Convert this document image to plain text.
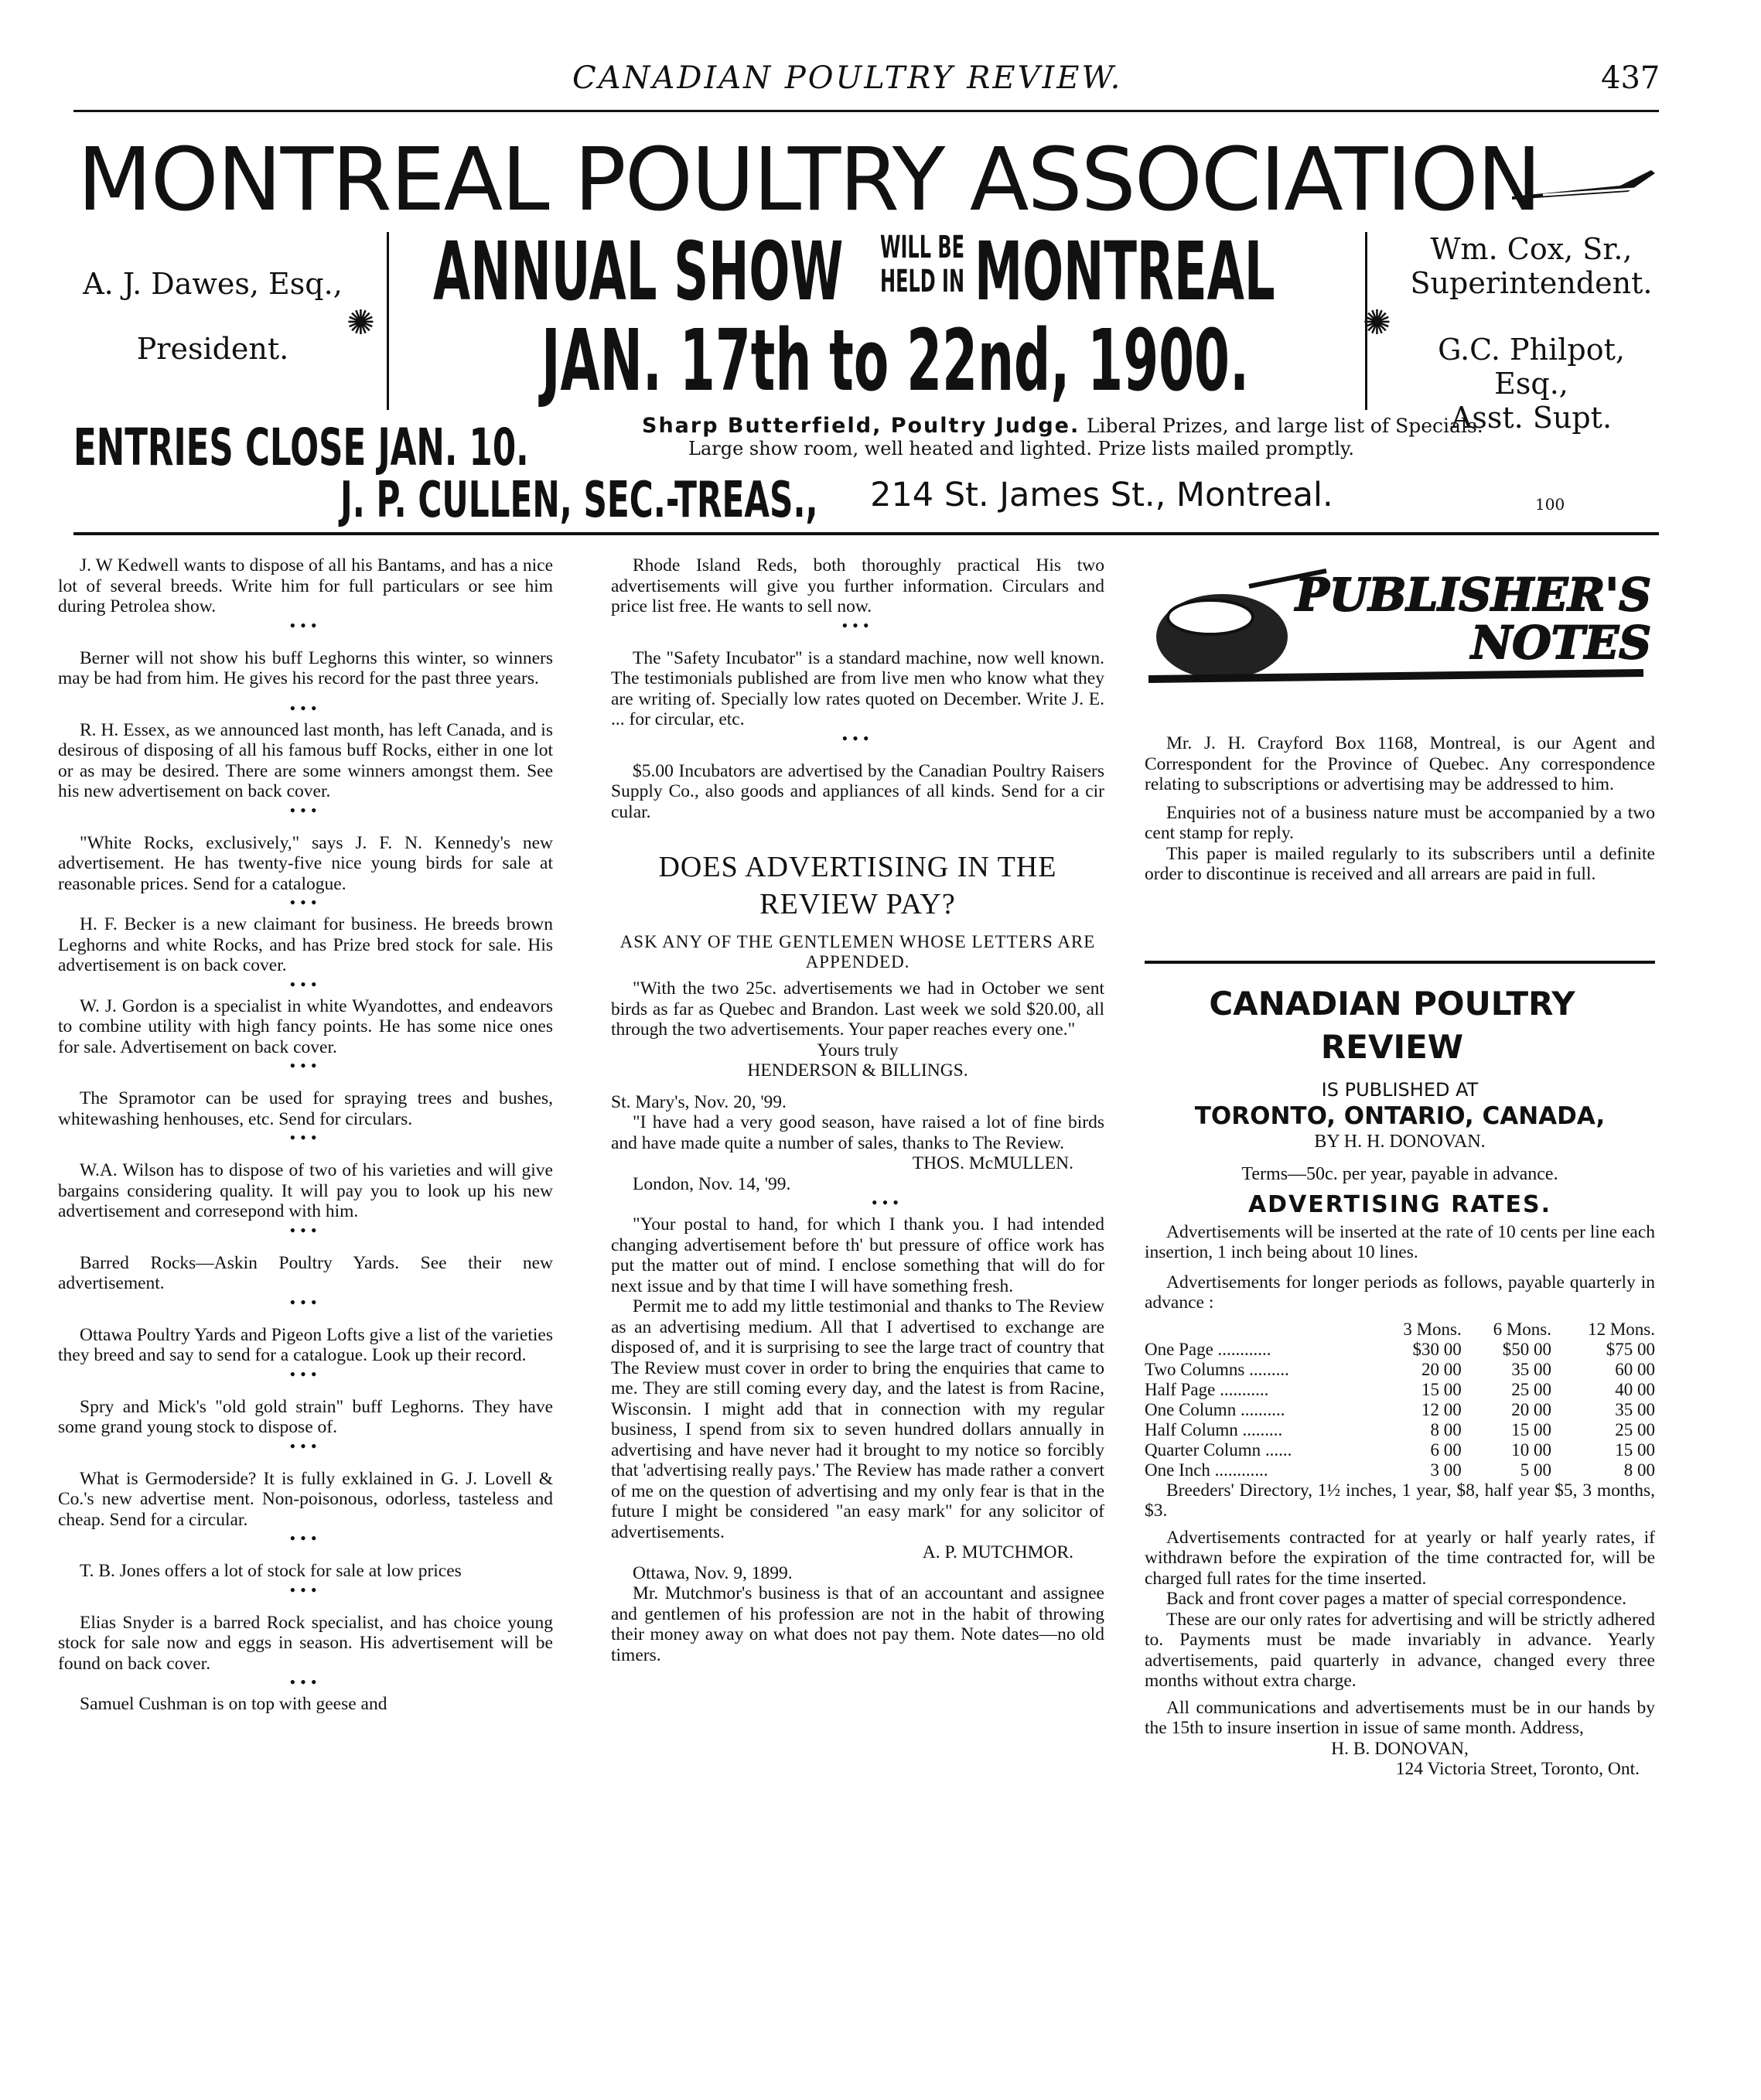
CANADIAN POULTRY REVIEW.	437
MONTREAL POULTRY ASSOCIATION
A. J. Dawes, Esq.,
President.
✺
ANNUAL SHOW	WILL BE
HELD IN MONTREAL
JAN. 17th to 22nd, 1900.	✺
Wm. Cox, Sr.,
Superintendent.
G.C. Philpot, Esq.,
Asst. Supt.
ENTRIES CLOSE JAN. 10.	Sharp Butterfield, Poultry Judge. Liberal Prizes, and large list of Specials.
Large show room, well heated and lighted. Prize lists mailed promptly.
J. P. CULLEN, SEC.-TREAS., 214 St. James St., Montreal.	100

J. W Kedwell wants to dispose of all his Bantams, and has a nice lot of several breeds. Write him for full particulars or see him during Petrolea show.

•••

Berner will not show his buff Leghorns this winter, so winners may be had from him. He gives his record for the past three years.

•••

R. H. Essex, as we announced last month, has left Canada, and is desirous of disposing of all his famous buff Rocks, either in one lot or as may be desired. There are some winners amongst them. See his new advertisement on back cover.

•••

"White Rocks, exclusively," says J. F. N. Kennedy's new advertisement. He has twenty-five nice young birds for sale at reasonable prices. Send for a catalogue.

•••

H. F. Becker is a new claimant for business. He breeds brown Leghorns and white Rocks, and has Prize bred stock for sale. His advertisement is on back cover.

•••

W. J. Gordon is a specialist in white Wyandottes, and endeavors to combine utility with high fancy points. He has some nice ones for sale. Advertisement on back cover.

•••

The Spramotor can be used for spraying trees and bushes, whitewashing henhouses, etc. Send for circulars.

•••

W.A. Wilson has to dispose of two of his varieties and will give bargains considering quality. It will pay you to look up his new advertisement and corresepond with him.

•••

Barred Rocks—Askin Poultry Yards. See their new advertisement.

•••

Ottawa Poultry Yards and Pigeon Lofts give a list of the varieties they breed and say to send for a catalogue. Look up their record.

•••

Spry and Mick's "old gold strain" buff Leghorns. They have some grand young stock to dispose of.

•••

What is Germoderside? It is fully exklained in G. J. Lovell & Co.'s new advertise ment. Non-poisonous, odorless, tasteless and cheap. Send for a circular.

•••

T. B. Jones offers a lot of stock for sale at low prices

•••

Elias Snyder is a barred Rock specialist, and has choice young stock for sale now and eggs in season. His advertisement will be found on back cover.

•••

Samuel Cushman is on top with geese and

Rhode Island Reds, both thoroughly practical His two advertisements will give you further information. Circulars and price list free. He wants to sell now.

•••

The "Safety Incubator" is a standard machine, now well known. The testimonials published are from live men who know what they are writing of. Specially low rates quoted on December. Write J. E. ... for circular, etc.

•••

$5.00 Incubators are advertised by the Canadian Poultry Raisers Supply Co., also goods and appliances of all kinds. Send for a cir cular.

DOES ADVERTISING IN THE REVIEW PAY?
ASK ANY OF THE GENTLEMEN WHOSE LETTERS ARE APPENDED.

"With the two 25c. advertisements we had in October we sent birds as far as Quebec and Brandon. Last week we sold $20.00, all through the two advertisements. Your paper reaches every one."

Yours truly

HENDERSON & BILLINGS.

St. Mary's, Nov. 20, '99.

"I have had a very good season, have raised a lot of fine birds and have made quite a number of sales, thanks to The Review.

THOS. McMULLEN.

London, Nov. 14, '99.

•••

"Your postal to hand, for which I thank you. I had intended changing advertisement before th' but pressure of office work has put the matter out of mind. I enclose something that will do for next issue and by that time I will have something fresh.

Permit me to add my little testimonial and thanks to The Review as an advertising medium. All that I advertised to exchange are disposed of, and it is surprising to see the large tract of country that The Review must cover in order to bring the enquiries that came to me. They are still coming every day, and the latest is from Racine, Wisconsin. I might add that in connection with my regular business, I spend from six to seven hundred dollars annually in advertising and have never had it brought to my notice so forcibly that 'advertising really pays.' The Review has made rather a convert of me on the question of advertising and my only fear is that in the future I might be considered "an easy mark" for any solicitor of advertisements.

A. P. MUTCHMOR.

Ottawa, Nov. 9, 1899.

Mr. Mutchmor's business is that of an accountant and assignee and gentlemen of his profession are not in the habit of throwing their money away on what does not pay them. Note dates—no old timers.

PUBLISHER'S NOTES

Mr. J. H. Crayford Box 1168, Montreal, is our Agent and Correspondent for the Province of Quebec. Any correspondence relating to subscriptions or advertising may be addressed to him.

Enquiries not of a business nature must be accompanied by a two cent stamp for reply.

This paper is mailed regularly to its subscribers until a definite order to discontinue is received and all arrears are paid in full.

CANADIAN POULTRY REVIEW
IS PUBLISHED AT
TORONTO, ONTARIO, CANADA,
BY H. H. DONOVAN.
Terms—50c. per year, payable in advance.
ADVERTISING RATES.

Advertisements will be inserted at the rate of 10 cents per line each insertion, 1 inch being about 10 lines.

Advertisements for longer periods as follows, payable quarterly in advance :

	3 Mons.	6 Mons.	12 Mons.
One Page ............	$30 00	$50 00	$75 00
Two Columns .........	20 00	35 00	60 00
Half Page ...........	15 00	25 00	40 00
One Column ..........	12 00	20 00	35 00
Half Column .........	8 00	15 00	25 00
Quarter Column ......	6 00	10 00	15 00
One Inch ............	3 00	5 00	8 00

Breeders' Directory, 1½ inches, 1 year, $8, half year $5, 3 months, $3.

Advertisements contracted for at yearly or half yearly rates, if withdrawn before the expiration of the time contracted for, will be charged full rates for the time inserted.

Back and front cover pages a matter of special correspondence.

These are our only rates for advertising and will be strictly adhered to. Payments must be made invariably in advance. Yearly advertisements, paid quarterly in advance, changed every three months without extra charge.

All communications and advertisements must be in our hands by the 15th to insure insertion in issue of same month. Address,

H. B. DONOVAN,

124 Victoria Street, Toronto, Ont.
